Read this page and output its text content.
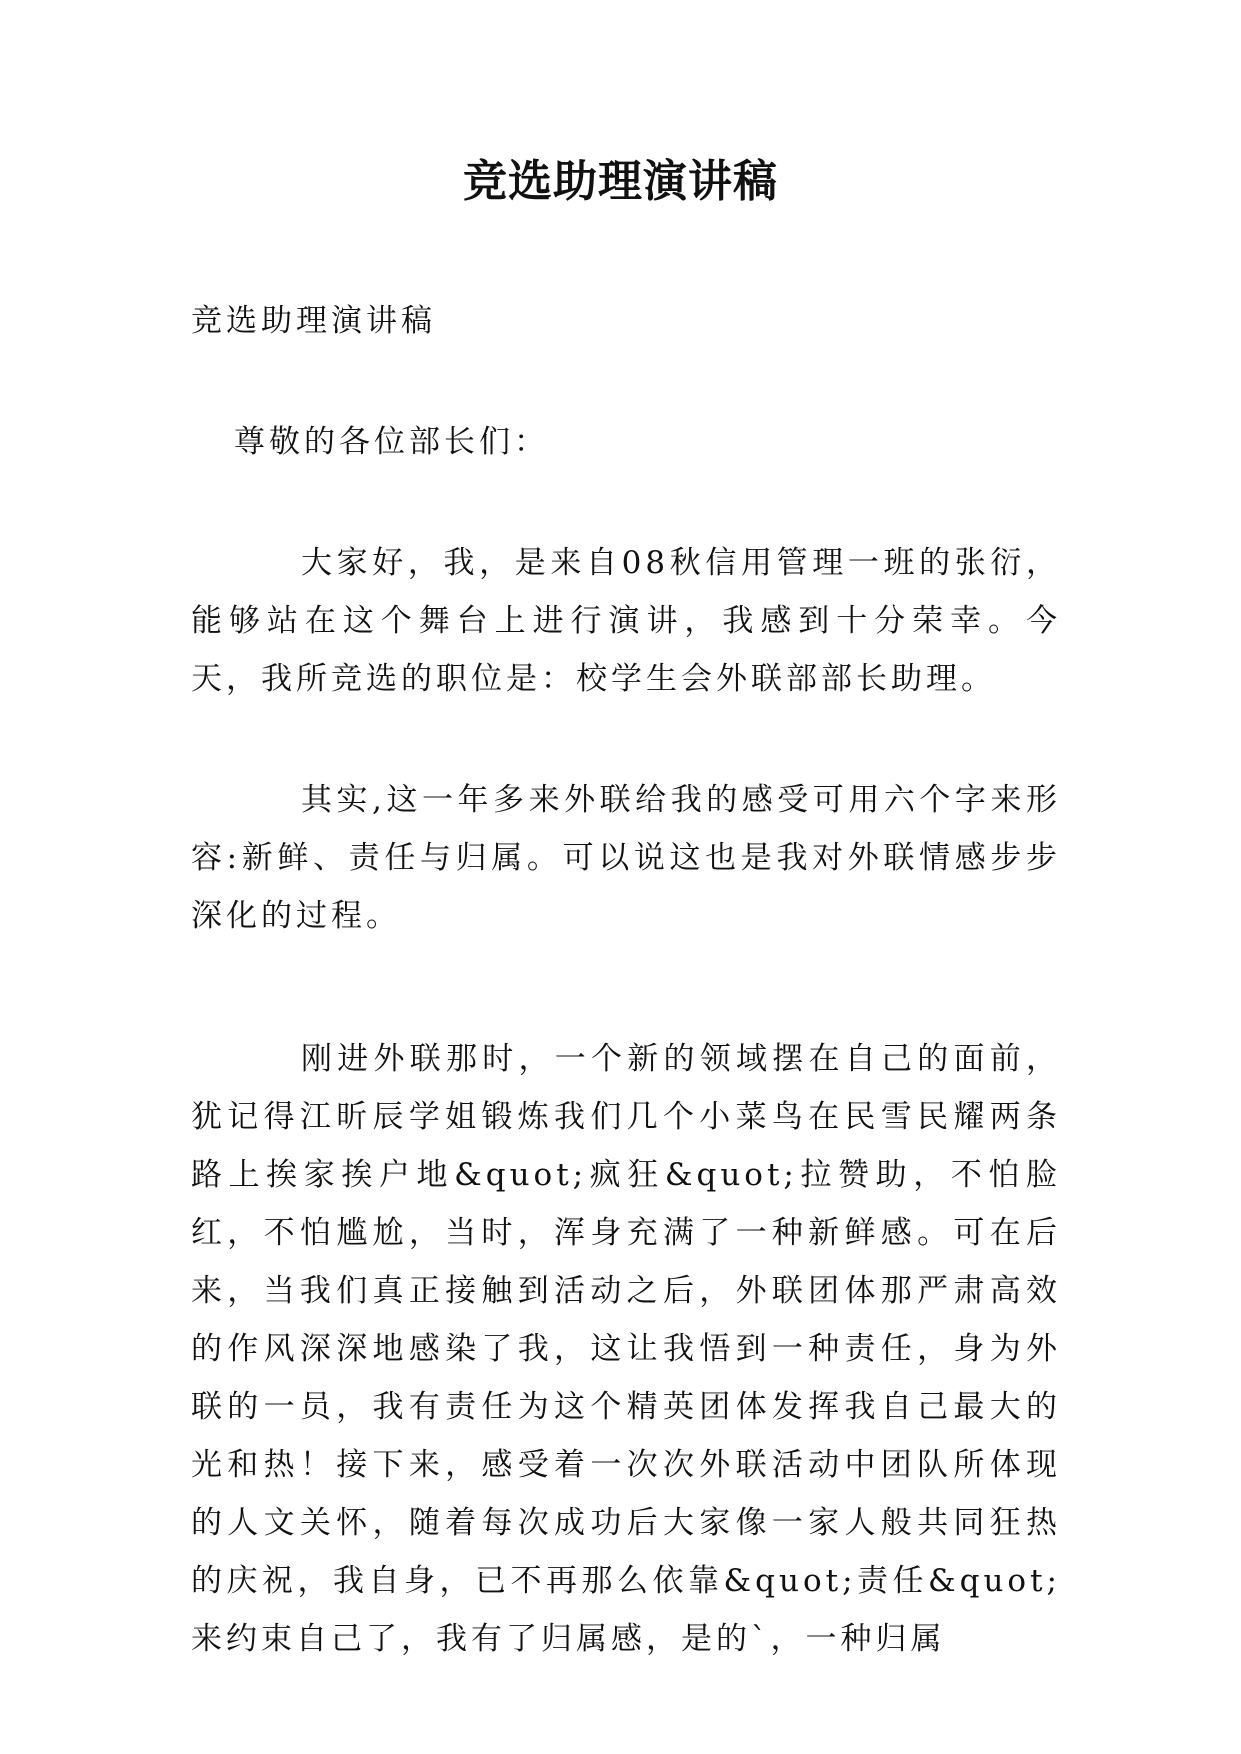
竞选助理演讲稿

竞选助理演讲稿

尊敬的各位部长们：

大家好，我，是来自08秋信用管理一班的张衍，能够站在这个舞台上进行演讲，我感到十分荣幸。今天，我所竞选的职位是：校学生会外联部部长助理。

其实,这一年多来外联给我的感受可用六个字来形容:新鲜、责任与归属。可以说这也是我对外联情感步步深化的过程。

刚进外联那时，一个新的领域摆在自己的面前，犹记得江昕辰学姐锻炼我们几个小菜鸟在民雪民耀两条路上挨家挨户地&quot;疯狂&quot;拉赞助，不怕脸红，不怕尴尬，当时，浑身充满了一种新鲜感。可在后来，当我们真正接触到活动之后，外联团体那严肃高效的作风深深地感染了我，这让我悟到一种责任，身为外联的一员，我有责任为这个精英团体发挥我自己最大的光和热！接下来，感受着一次次外联活动中团队所体现的人文关怀，随着每次成功后大家像一家人般共同狂热的庆祝，我自身，已不再那么依靠&quot;责任&quot;来约束自己了，我有了归属感，是的`，一种归属
